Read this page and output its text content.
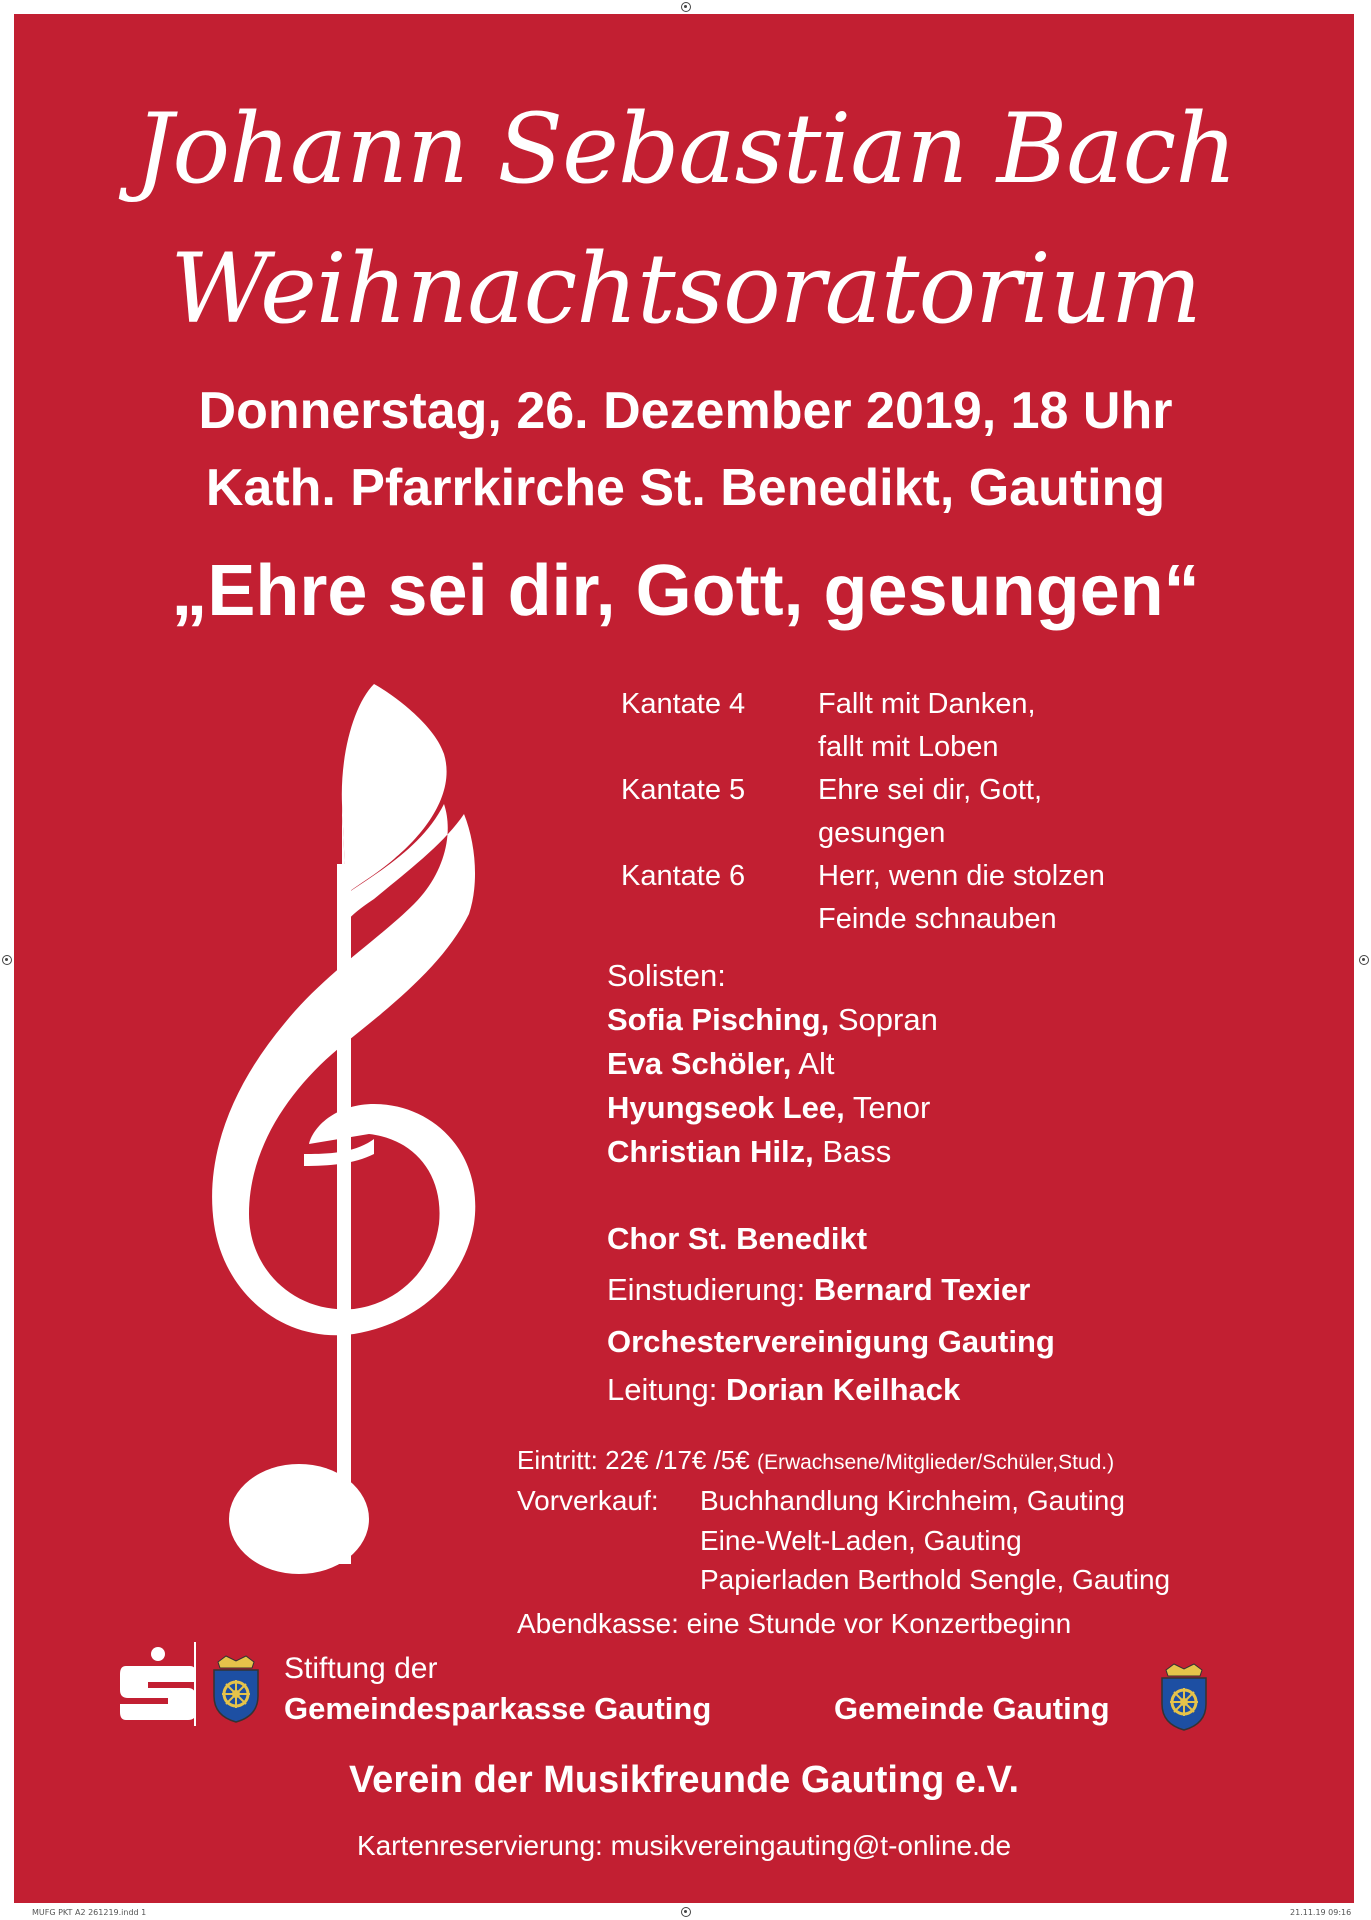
Johann Sebastian Bach
Weihnachtsoratorium
Donnerstag, 26. Dezember 2019, 18 Uhr
Kath. Pfarrkirche St. Benedikt, Gauting
„Ehre sei dir, Gott, gesungen“
Kantate 4	Fallt mit Danken,
fallt mit Loben
Kantate 5	Ehre sei dir, Gott,
gesungen
Kantate 6	Herr, wenn die stolzen
Feinde schnauben
Solisten:
Sofia Pisching, Sopran
Eva Schöler, Alt
Hyungseok Lee, Tenor
Christian Hilz, Bass
Chor St. Benedikt
Einstudierung: Bernard Texier
Orchestervereinigung Gauting
Leitung: Dorian Keilhack
Eintritt: 22€ /17€ /5€ (Erwachsene/Mitglieder/Schüler,Stud.)
Vorverkauf: Buchhandlung Kirchheim, Gauting
Eine-Welt-Laden, Gauting
Papierladen Berthold Sengle, Gauting
Abendkasse: eine Stunde vor Konzertbeginn
Stiftung der
Gemeindesparkasse Gauting	Gemeinde Gauting
Verein der Musikfreunde Gauting e.V.
Kartenreservierung: musikvereingauting@t-online.de
MUFG PKT A2 261219.indd 1	21.11.19 09:16
